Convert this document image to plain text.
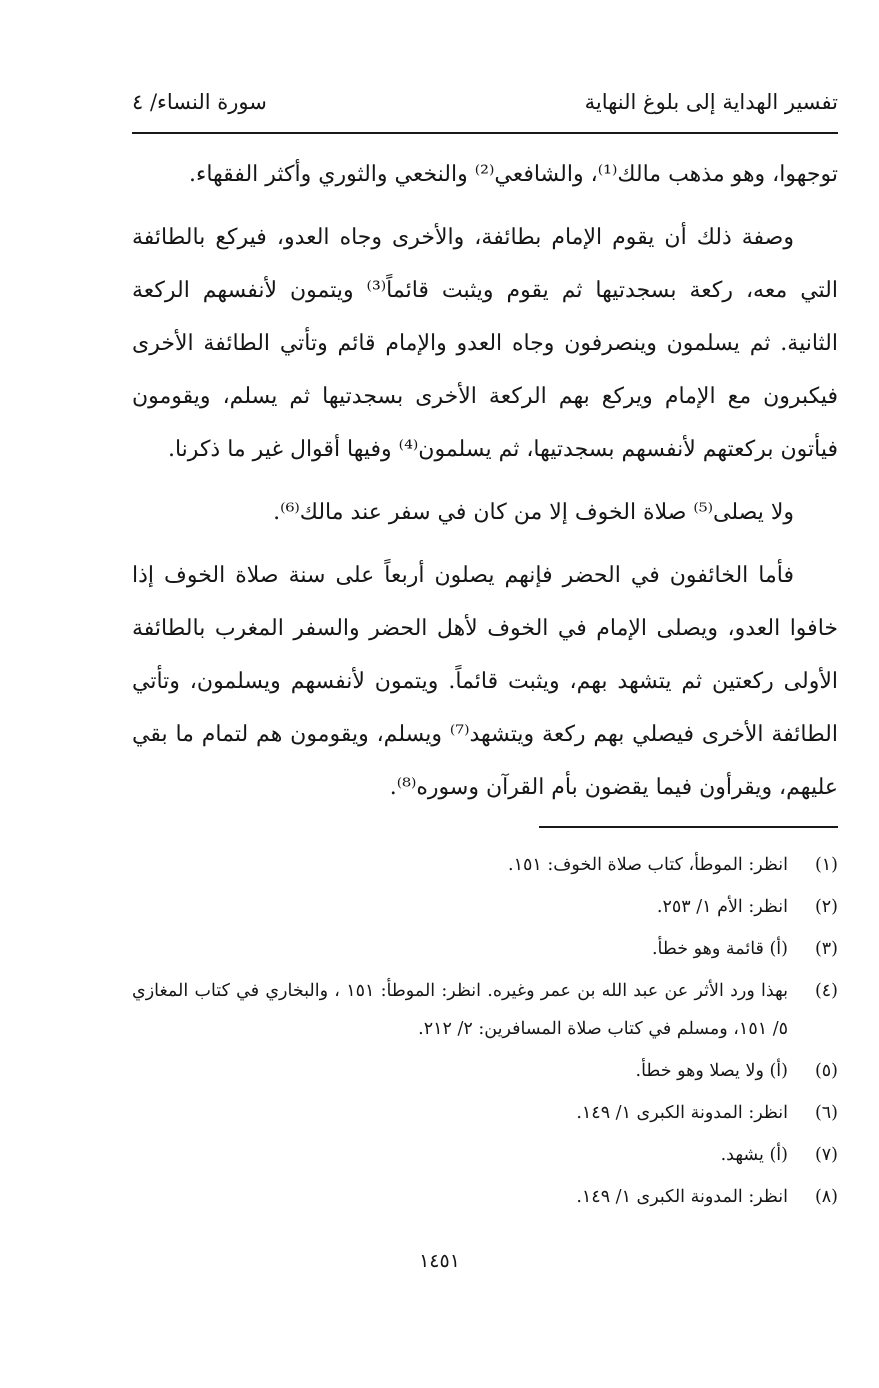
تفسير الهداية إلى بلوغ النهاية
سورة النساء/ ٤

توجهوا، وهو مذهب مالك⁽¹⁾، والشافعي⁽²⁾ والنخعي والثوري وأكثر الفقهاء.

وصفة ذلك أن يقوم الإمام بطائفة، والأخرى وجاه العدو، فيركع بالطائفة التي معه، ركعة بسجدتيها ثم يقوم ويثبت قائماً⁽³⁾ ويتمون لأنفسهم الركعة الثانية. ثم يسلمون وينصرفون وجاه العدو والإمام قائم وتأتي الطائفة الأخرى فيكبرون مع الإمام ويركع بهم الركعة الأخرى بسجدتيها ثم يسلم، ويقومون فيأتون بركعتهم لأنفسهم بسجدتيها، ثم يسلمون⁽⁴⁾ وفيها أقوال غير ما ذكرنا.

ولا يصلى⁽⁵⁾ صلاة الخوف إلا من كان في سفر عند مالك⁽⁶⁾.

فأما الخائفون في الحضر فإنهم يصلون أربعاً على سنة صلاة الخوف إذا خافوا العدو، ويصلى الإمام في الخوف لأهل الحضر والسفر المغرب بالطائفة الأولى ركعتين ثم يتشهد بهم، ويثبت قائماً. ويتمون لأنفسهم ويسلمون، وتأتي الطائفة الأخرى فيصلي بهم ركعة ويتشهد⁽⁷⁾ ويسلم، ويقومون هم لتمام ما بقي عليهم، ويقرأون فيما يقضون بأم القرآن وسوره⁽⁸⁾.

(١)
انظر: الموطأ، كتاب صلاة الخوف: ١٥١.
(٢)
انظر: الأم ١/ ٢٥٣.
(٣)
(أ) قائمة وهو خطأ.
(٤)
بهذا ورد الأثر عن عبد الله بن عمر وغيره. انظر: الموطأ: ١٥١ ، والبخاري في كتاب المغازي ٥/ ١٥١، ومسلم في كتاب صلاة المسافرين: ٢/ ٢١٢.
(٥)
(أ) ولا يصلا وهو خطأ.
(٦)
انظر: المدونة الكبرى ١/ ١٤٩.
(٧)
(أ) يشهد.
(٨)
انظر: المدونة الكبرى ١/ ١٤٩.
١٤٥١
